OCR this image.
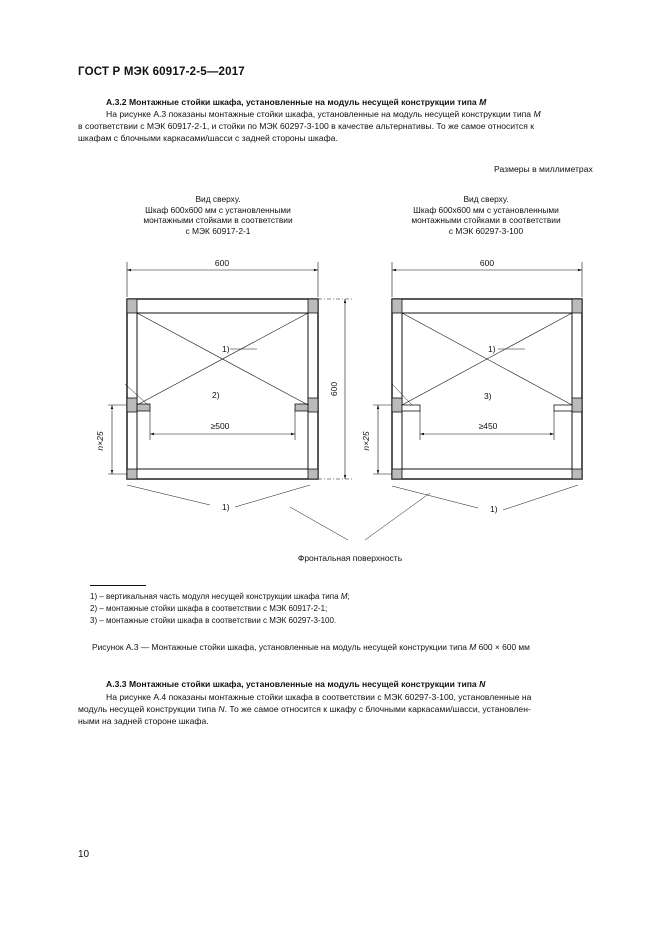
ГОСТ Р МЭК 60917-2-5—2017
А.3.2 Монтажные стойки шкафа, установленные на модуль несущей конструкции типа M
На рисунке А.3 показаны монтажные стойки шкафа, установленные на модуль несущей конструкции типа M
в соответствии с МЭК 60917-2-1, и стойки по МЭК 60297-3-100 в качестве альтернативы. То же самое относится к
шкафам с блочными каркасами/шасси с задней стороны шкафа.
Размеры в миллиметрах
Вид сверху.
Шкаф 600x600 мм с установленными
монтажными стойками в соответствии
с МЭК 60917-2-1
Вид сверху.
Шкаф 600x600 мм с установленными
монтажными стойками в соответствии
с МЭК 60297-3-100
600	600
600
n×25	n×25
≥500	≥450
1)	1)
2)	3)
1)	1)
Фронтальная поверхность
1) – вертикальная часть модуля несущей конструкции шкафа типа M;
2) – монтажные стойки шкафа в соответствии с МЭК 60917-2-1;
3) – монтажные стойки шкафа в соответствии с МЭК 60297-3-100.
Рисунок А.3 — Монтажные стойки шкафа, установленные на модуль несущей конструкции типа M 600 × 600 мм
А.3.3 Монтажные стойки шкафа, установленные на модуль несущей конструкции типа N
На рисунке А.4 показаны монтажные стойки шкафа в соответствии с МЭК 60297-3-100, установленные на
модуль несущей конструкции типа N. То же самое относится к шкафу с блочными каркасами/шасси, установлен-
ными на задней стороне шкафа.
10
